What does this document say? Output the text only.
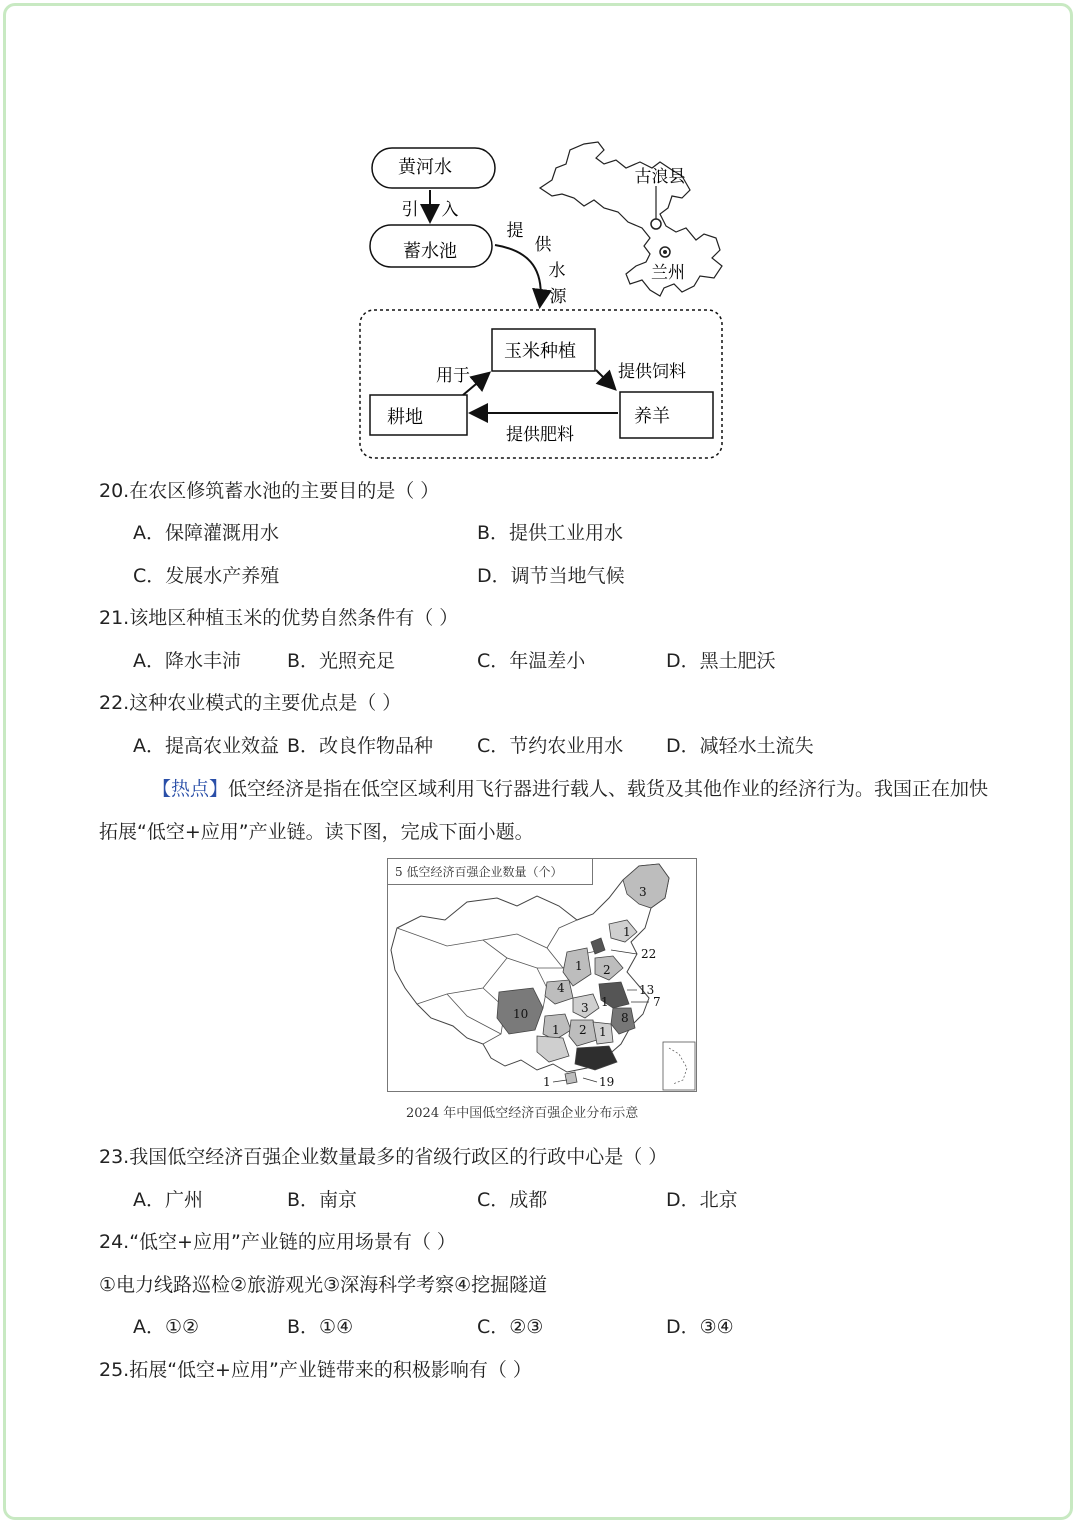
黄河水
引 入
蓄水池
提
供
水
源
玉米种植
耕地	养羊
用于	提供饲料
提供肥料
古浪县
兰州
20.在农区修筑蓄水池的主要目的是（ ）
A．保障灌溉用水	B．提供工业用水
C．发展水产养殖	D．调节当地气候
21.该地区种植玉米的优势自然条件有（ ）
A．降水丰沛 B．光照充足	C．年温差小	D．黑土肥沃
22.这种农业模式的主要优点是（ ）
A．提高农业效益 B．改良作物品种 C．节约农业用水 D．减轻水土流失
【热点】低空经济是指在低空区域利用飞行器进行载人、载货及其他作业的经济行为。我国正在加快
拓展“低空+应用”产业链。读下图，完成下面小题。
5 低空经济百强企业数量（个）
3
1
22
1 2
4	13
7
3 1
10	8
1 2 1
1	19
2024 年中国低空经济百强企业分布示意
23.我国低空经济百强企业数量最多的省级行政区的行政中心是（ ）
A．广州	B．南京	C．成都	D．北京
24.“低空+应用”产业链的应用场景有（ ）
①电力线路巡检②旅游观光③深海科学考察④挖掘隧道
A．①②	B．①④	C．②③	D．③④
25.拓展“低空+应用”产业链带来的积极影响有（ ）
